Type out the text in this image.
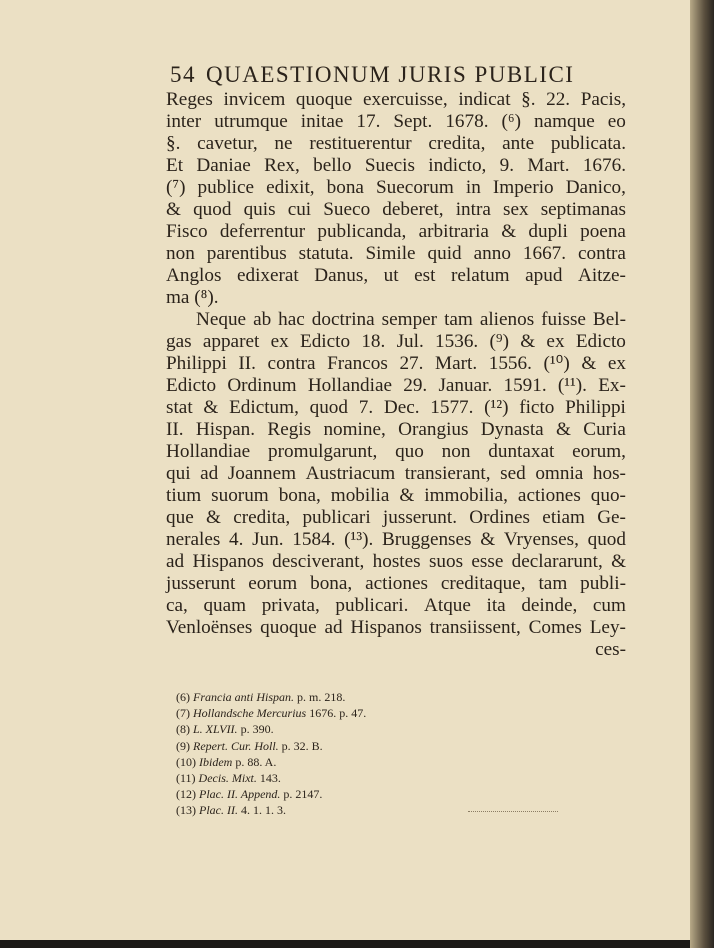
54 QUAESTIONUM JURIS PUBLICI
Reges invicem quoque exercuisse, indicat §. 22. Pacis,
inter utrumque initae 17. Sept. 1678. (⁶) namque eo
§. cavetur, ne restituerentur credita, ante publicata.
Et Daniae Rex, bello Suecis indicto, 9. Mart. 1676.
(⁷) publice edixit, bona Suecorum in Imperio Danico,
& quod quis cui Sueco deberet, intra sex septimanas
Fisco deferrentur publicanda, arbitraria & dupli poena
non parentibus statuta. Simile quid anno 1667. contra
Anglos edixerat Danus, ut est relatum apud Aitze-
ma (⁸).
Neque ab hac doctrina semper tam alienos fuisse Bel-
gas apparet ex Edicto 18. Jul. 1536. (⁹) & ex Edicto
Philippi II. contra Francos 27. Mart. 1556. (¹⁰) & ex
Edicto Ordinum Hollandiae 29. Januar. 1591. (¹¹). Ex-
stat & Edictum, quod 7. Dec. 1577. (¹²) ficto Philippi
II. Hispan. Regis nomine, Orangius Dynasta & Curia
Hollandiae promulgarunt, quo non duntaxat eorum,
qui ad Joannem Austriacum transierant, sed omnia hos-
tium suorum bona, mobilia & immobilia, actiones quo-
que & credita, publicari jusserunt. Ordines etiam Ge-
nerales 4. Jun. 1584. (¹³). Bruggenses & Vryenses, quod
ad Hispanos desciverant, hostes suos esse declararunt, &
jusserunt eorum bona, actiones creditaque, tam publi-
ca, quam privata, publicari. Atque ita deinde, cum
Venloënses quoque ad Hispanos transiissent, Comes Ley-
ces-
(6) Francia anti Hispan. p. m. 218.
(7) Hollandsche Mercurius 1676. p. 47.
(8) L. XLVII. p. 390.
(9) Repert. Cur. Holl. p. 32. B.
(10) Ibidem p. 88. A.
(11) Decis. Mixt. 143.
(12) Plac. II. Append. p. 2147.
(13) Plac. II. 4. 1. 1. 3.
